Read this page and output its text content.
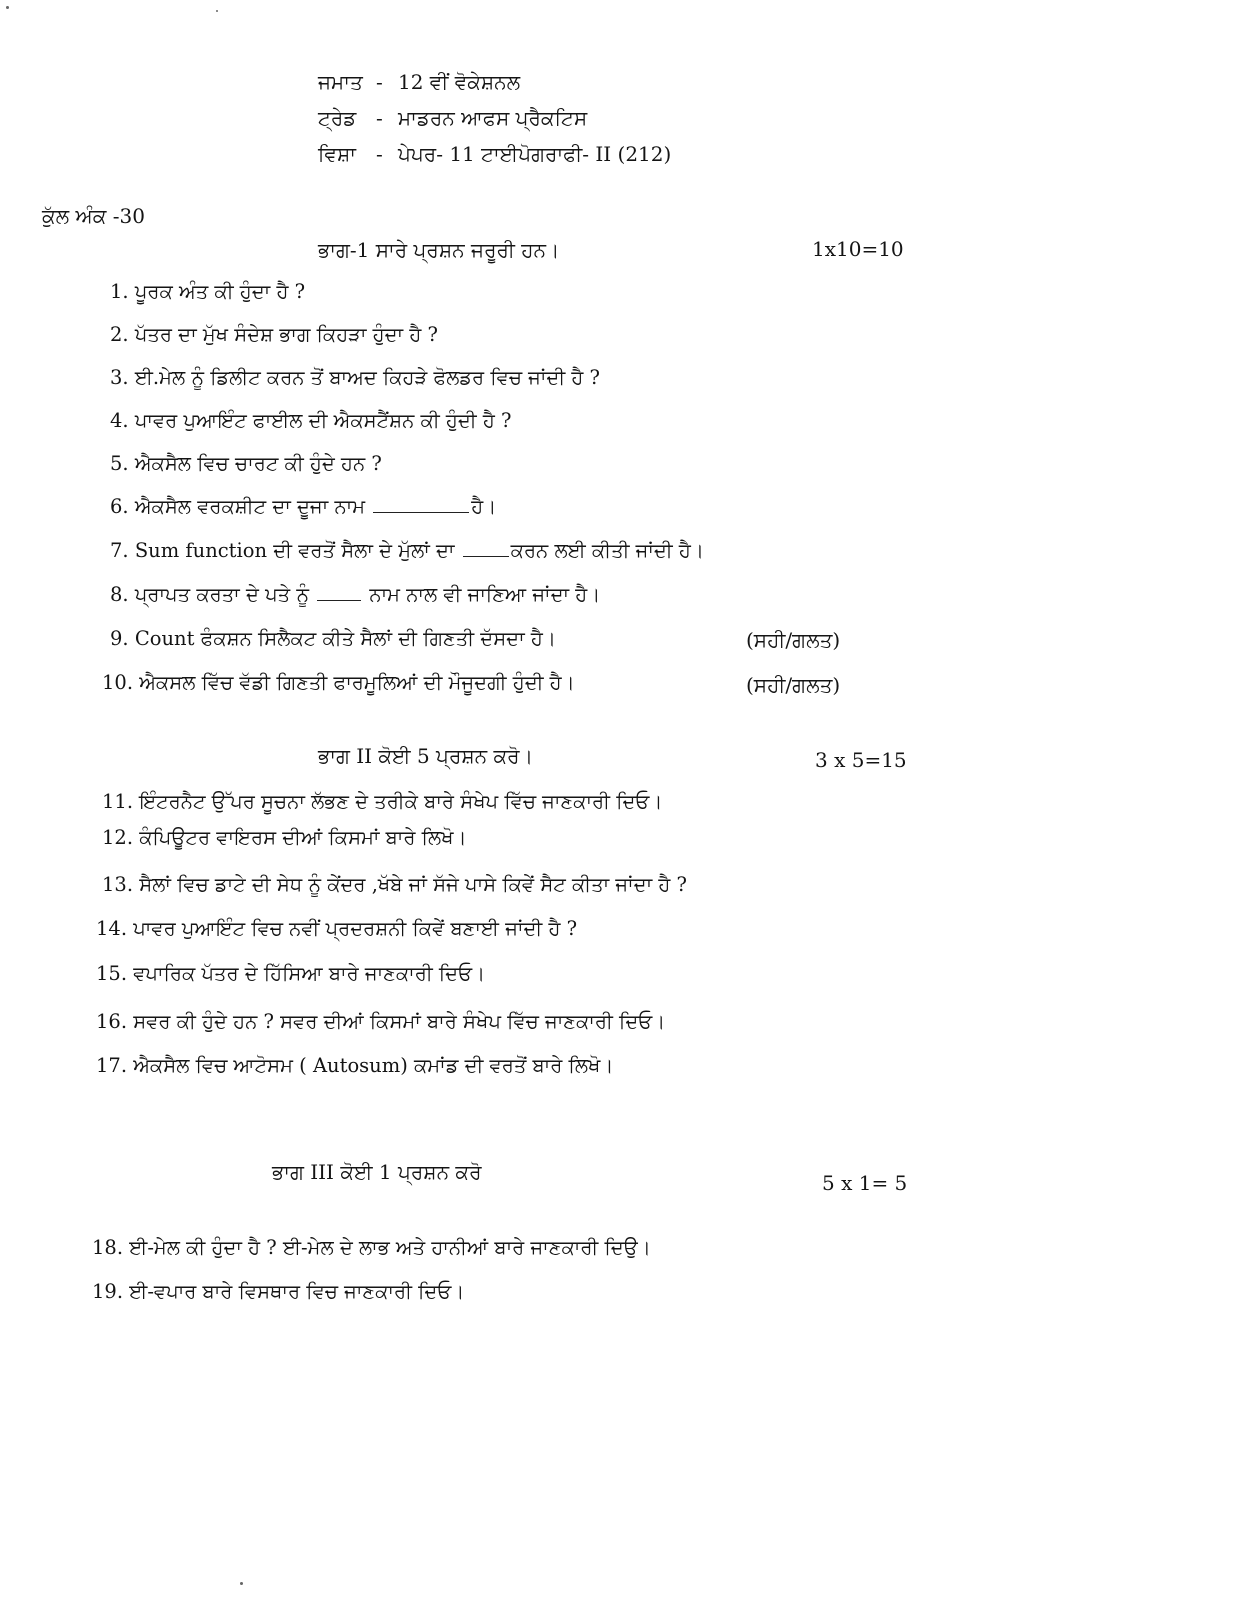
ਜਮਾਤ - 12 ਵੀਂ ਵੋਕੇਸ਼ਨਲ
ਟ੍ਰੇਡ - ਮਾਡਰਨ ਆਫਸ ਪ੍ਰੈਕਟਿਸ
ਵਿਸ਼ਾ - ਪੇਪਰ- 11 ਟਾਈਪੋਗਰਾਫੀ- II (212)
ਕੁੱਲ ਅੰਕ -30
ਭਾਗ-1 ਸਾਰੇ ਪ੍ਰਸ਼ਨ ਜਰੂਰੀ ਹਨ।	1x10=10
1. ਪੂਰਕ ਅੰਤ ਕੀ ਹੁੰਦਾ ਹੈ ?
2. ਪੱਤਰ ਦਾ ਮੁੱਖ ਸੰਦੇਸ਼ ਭਾਗ ਕਿਹੜਾ ਹੁੰਦਾ ਹੈ ?
3. ਈ.ਮੇਲ ਨੂੰ ਡਿਲੀਟ ਕਰਨ ਤੋਂ ਬਾਅਦ ਕਿਹੜੇ ਫੋਲਡਰ ਵਿਚ ਜਾਂਦੀ ਹੈ ?
4. ਪਾਵਰ ਪੁਆਇੰਟ ਫਾਈਲ ਦੀ ਐਕਸਟੈਂਸ਼ਨ ਕੀ ਹੁੰਦੀ ਹੈ ?
5. ਐਕਸੈਲ ਵਿਚ ਚਾਰਟ ਕੀ ਹੁੰਦੇ ਹਨ ?
6. ਐਕਸੈਲ ਵਰਕਸ਼ੀਟ ਦਾ ਦੂਜਾ ਨਾਮ	ਹੈ।
7. Sum function ਦੀ ਵਰਤੋਂ ਸੈਲਾ ਦੇ ਮੁੱਲਾਂ ਦਾ	ਕਰਨ ਲਈ ਕੀਤੀ ਜਾਂਦੀ ਹੈ।
8. ਪ੍ਰਾਪਤ ਕਰਤਾ ਦੇ ਪਤੇ ਨੂੰ	ਨਾਮ ਨਾਲ ਵੀ ਜਾਣਿਆ ਜਾਂਦਾ ਹੈ।
9. Count ਫੰਕਸ਼ਨ ਸਿਲੈਕਟ ਕੀਤੇ ਸੈਲਾਂ ਦੀ ਗਿਣਤੀ ਦੱਸਦਾ ਹੈ।	(ਸਹੀ/ਗਲਤ)
10. ਐਕਸਲ ਵਿੱਚ ਵੱਡੀ ਗਿਣਤੀ ਫਾਰਮੂਲਿਆਂ ਦੀ ਮੌਜੂਦਗੀ ਹੁੰਦੀ ਹੈ।	(ਸਹੀ/ਗਲਤ)
ਭਾਗ II ਕੋਈ 5 ਪ੍ਰਸ਼ਨ ਕਰੋ।	3 x 5=15
11. ਇੰਟਰਨੈਟ ਉੱਪਰ ਸੂਚਨਾ ਲੱਭਣ ਦੇ ਤਰੀਕੇ ਬਾਰੇ ਸੰਖੇਪ ਵਿੱਚ ਜਾਣਕਾਰੀ ਦਿਓ।
12. ਕੰਪਿਊਟਰ ਵਾਇਰਸ ਦੀਆਂ ਕਿਸਮਾਂ ਬਾਰੇ ਲਿਖੋ।
13. ਸੈਲਾਂ ਵਿਚ ਡਾਟੇ ਦੀ ਸੇਧ ਨੂੰ ਕੇਂਦਰ ,ਖੱਬੇ ਜਾਂ ਸੱਜੇ ਪਾਸੇ ਕਿਵੇਂ ਸੈਟ ਕੀਤਾ ਜਾਂਦਾ ਹੈ ?
14. ਪਾਵਰ ਪੁਆਇੰਟ ਵਿਚ ਨਵੀਂ ਪ੍ਰਦਰਸ਼ਨੀ ਕਿਵੇਂ ਬਣਾਈ ਜਾਂਦੀ ਹੈ ?
15. ਵਪਾਰਿਕ ਪੱਤਰ ਦੇ ਹਿੱਸਿਆ ਬਾਰੇ ਜਾਣਕਾਰੀ ਦਿਓ।
16. ਸਵਰ ਕੀ ਹੁੰਦੇ ਹਨ ? ਸਵਰ ਦੀਆਂ ਕਿਸਮਾਂ ਬਾਰੇ ਸੰਖੇਪ ਵਿੱਚ ਜਾਣਕਾਰੀ ਦਿਓ।
17. ਐਕਸੈਲ ਵਿਚ ਆਟੋਸਮ ( Autosum) ਕਮਾਂਡ ਦੀ ਵਰਤੋਂ ਬਾਰੇ ਲਿਖੋ।
ਭਾਗ III ਕੋਈ 1 ਪ੍ਰਸ਼ਨ ਕਰੋ	5 x 1= 5
18. ਈ-ਮੇਲ ਕੀ ਹੁੰਦਾ ਹੈ ? ਈ-ਮੇਲ ਦੇ ਲਾਭ ਅਤੇ ਹਾਨੀਆਂ ਬਾਰੇ ਜਾਣਕਾਰੀ ਦਿਉ।
19. ਈ-ਵਪਾਰ ਬਾਰੇ ਵਿਸਥਾਰ ਵਿਚ ਜਾਣਕਾਰੀ ਦਿਓ।
